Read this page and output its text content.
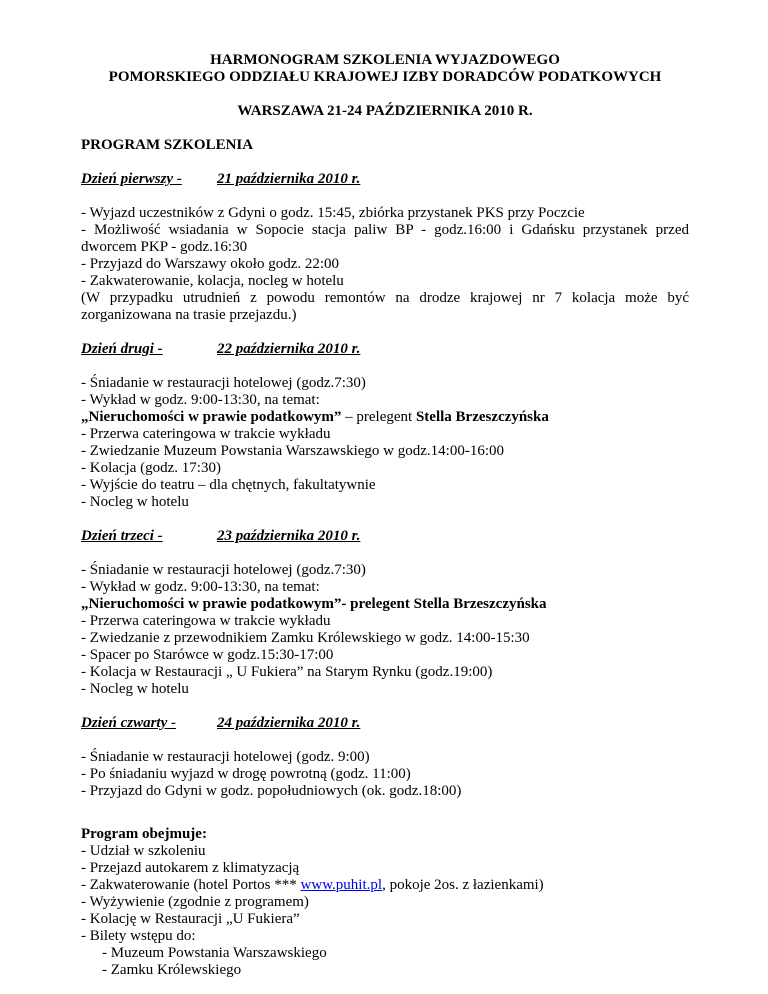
HARMONOGRAM SZKOLENIA WYJAZDOWEGO
POMORSKIEGO ODDZIAŁU KRAJOWEJ IZBY DORADCÓW PODATKOWYCH
WARSZAWA 21-24 PAŹDZIERNIKA 2010 R.
PROGRAM SZKOLENIA
Dzień pierwszy -	21 października 2010 r.
- Wyjazd uczestników z Gdyni o godz. 15:45, zbiórka przystanek PKS przy Poczcie
- Możliwość wsiadania w Sopocie stacja paliw BP - godz.16:00 i Gdańsku przystanek przed
dworcem PKP - godz.16:30
- Przyjazd do Warszawy około godz. 22:00
- Zakwaterowanie, kolacja, nocleg w hotelu
(W przypadku utrudnień z powodu remontów na drodze krajowej nr 7 kolacja może być
zorganizowana na trasie przejazdu.)
Dzień drugi -	22 października 2010 r.
- Śniadanie w restauracji hotelowej (godz.7:30)
- Wykład w godz. 9:00-13:30, na temat:
„Nieruchomości w prawie podatkowym” – prelegent Stella Brzeszczyńska
- Przerwa cateringowa w trakcie wykładu
- Zwiedzanie Muzeum Powstania Warszawskiego w godz.14:00-16:00
- Kolacja (godz. 17:30)
- Wyjście do teatru – dla chętnych, fakultatywnie
- Nocleg w hotelu
Dzień trzeci -	23 października 2010 r.
- Śniadanie w restauracji hotelowej (godz.7:30)
- Wykład w godz. 9:00-13:30, na temat:
„Nieruchomości w prawie podatkowym”- prelegent Stella Brzeszczyńska
- Przerwa cateringowa w trakcie wykładu
- Zwiedzanie z przewodnikiem Zamku Królewskiego w godz. 14:00-15:30
- Spacer po Starówce w godz.15:30-17:00
- Kolacja w Restauracji „ U Fukiera” na Starym Rynku (godz.19:00)
- Nocleg w hotelu
Dzień czwarty -	24 października 2010 r.
- Śniadanie w restauracji hotelowej (godz. 9:00)
- Po śniadaniu wyjazd w drogę powrotną (godz. 11:00)
- Przyjazd do Gdyni w godz. popołudniowych (ok. godz.18:00)
Program obejmuje:
- Udział w szkoleniu
- Przejazd autokarem z klimatyzacją
- Zakwaterowanie (hotel Portos *** www.puhit.pl, pokoje 2os. z łazienkami)
- Wyżywienie (zgodnie z programem)
- Kolację w Restauracji „U Fukiera”
- Bilety wstępu do:
- Muzeum Powstania Warszawskiego
- Zamku Królewskiego
